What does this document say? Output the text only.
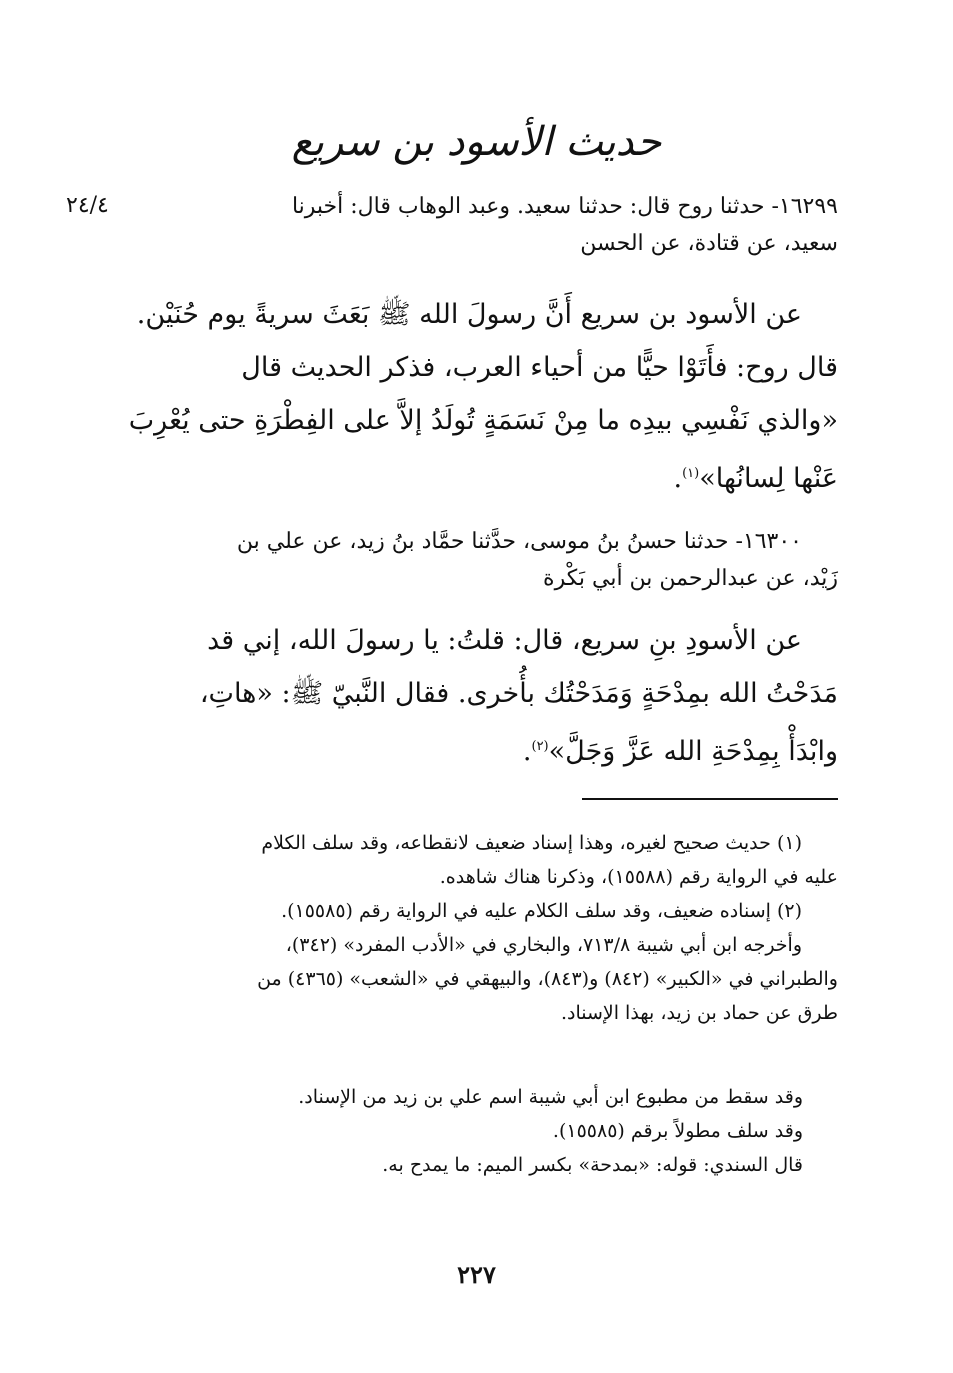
حديث الأسود بن سريع
٢٤/٤	١٦٢٩٩- حدثنا روح قال: حدثنا سعيد. وعبد الوهاب قال: أخبرنا
سعيد، عن قتادة، عن الحسن
عن الأسود بن سريع أَنَّ رسولَ الله ﷺ بَعَثَ سريةً يوم حُنَيْن.
قال روح: فأَتَوْا حيًّا من أحياء العرب، فذكر الحديث قال
«والذي نَفْسِي بيدِه ما مِنْ نَسَمَةٍ تُولَدُ إلاَّ على الفِطْرَةِ حتى يُعْرِبَ
عَنْها لِسانُها»$^{(١)}$.
١٦٣٠٠- حدثنا حسنُ بنُ موسى، حدَّثنا حمَّاد بنُ زيد، عن علي بن
زَيْد، عن عبدالرحمن بن أبي بَكْرة
عن الأسودِ بنِ سريع، قال: قلتُ: يا رسولَ الله، إني قد
مَدَحْتُ الله بمِدْحَةٍ وَمَدَحْتُك بأُخرى. فقال النَّبيّ ﷺ: «هاتِ،
وابْدَأْ بِمِدْحَةِ الله عَزَّ وَجَلَّ»$^{(٢)}$.
(١) حديث صحيح لغيره، وهذا إسناد ضعيف لانقطاعه، وقد سلف الكلام
عليه في الرواية رقم (١٥٥٨٨)، وذكرنا هناك شاهده.
(٢) إسناده ضعيف، وقد سلف الكلام عليه في الرواية رقم (١٥٥٨٥).
وأخرجه ابن أبي شيبة ٧١٣/٨، والبخاري في «الأدب المفرد» (٣٤٢)،
والطبراني في «الكبير» (٨٤٢) و(٨٤٣)، والبيهقي في «الشعب» (٤٣٦٥) من
طرق عن حماد بن زيد، بهذا الإسناد.
وقد سقط من مطبوع ابن أبي شيبة اسم علي بن زيد من الإسناد.
وقد سلف مطولاً برقم (١٥٥٨٥).
قال السندي: قوله: «بمدحة» بكسر الميم: ما يمدح به.
٢٢٧
